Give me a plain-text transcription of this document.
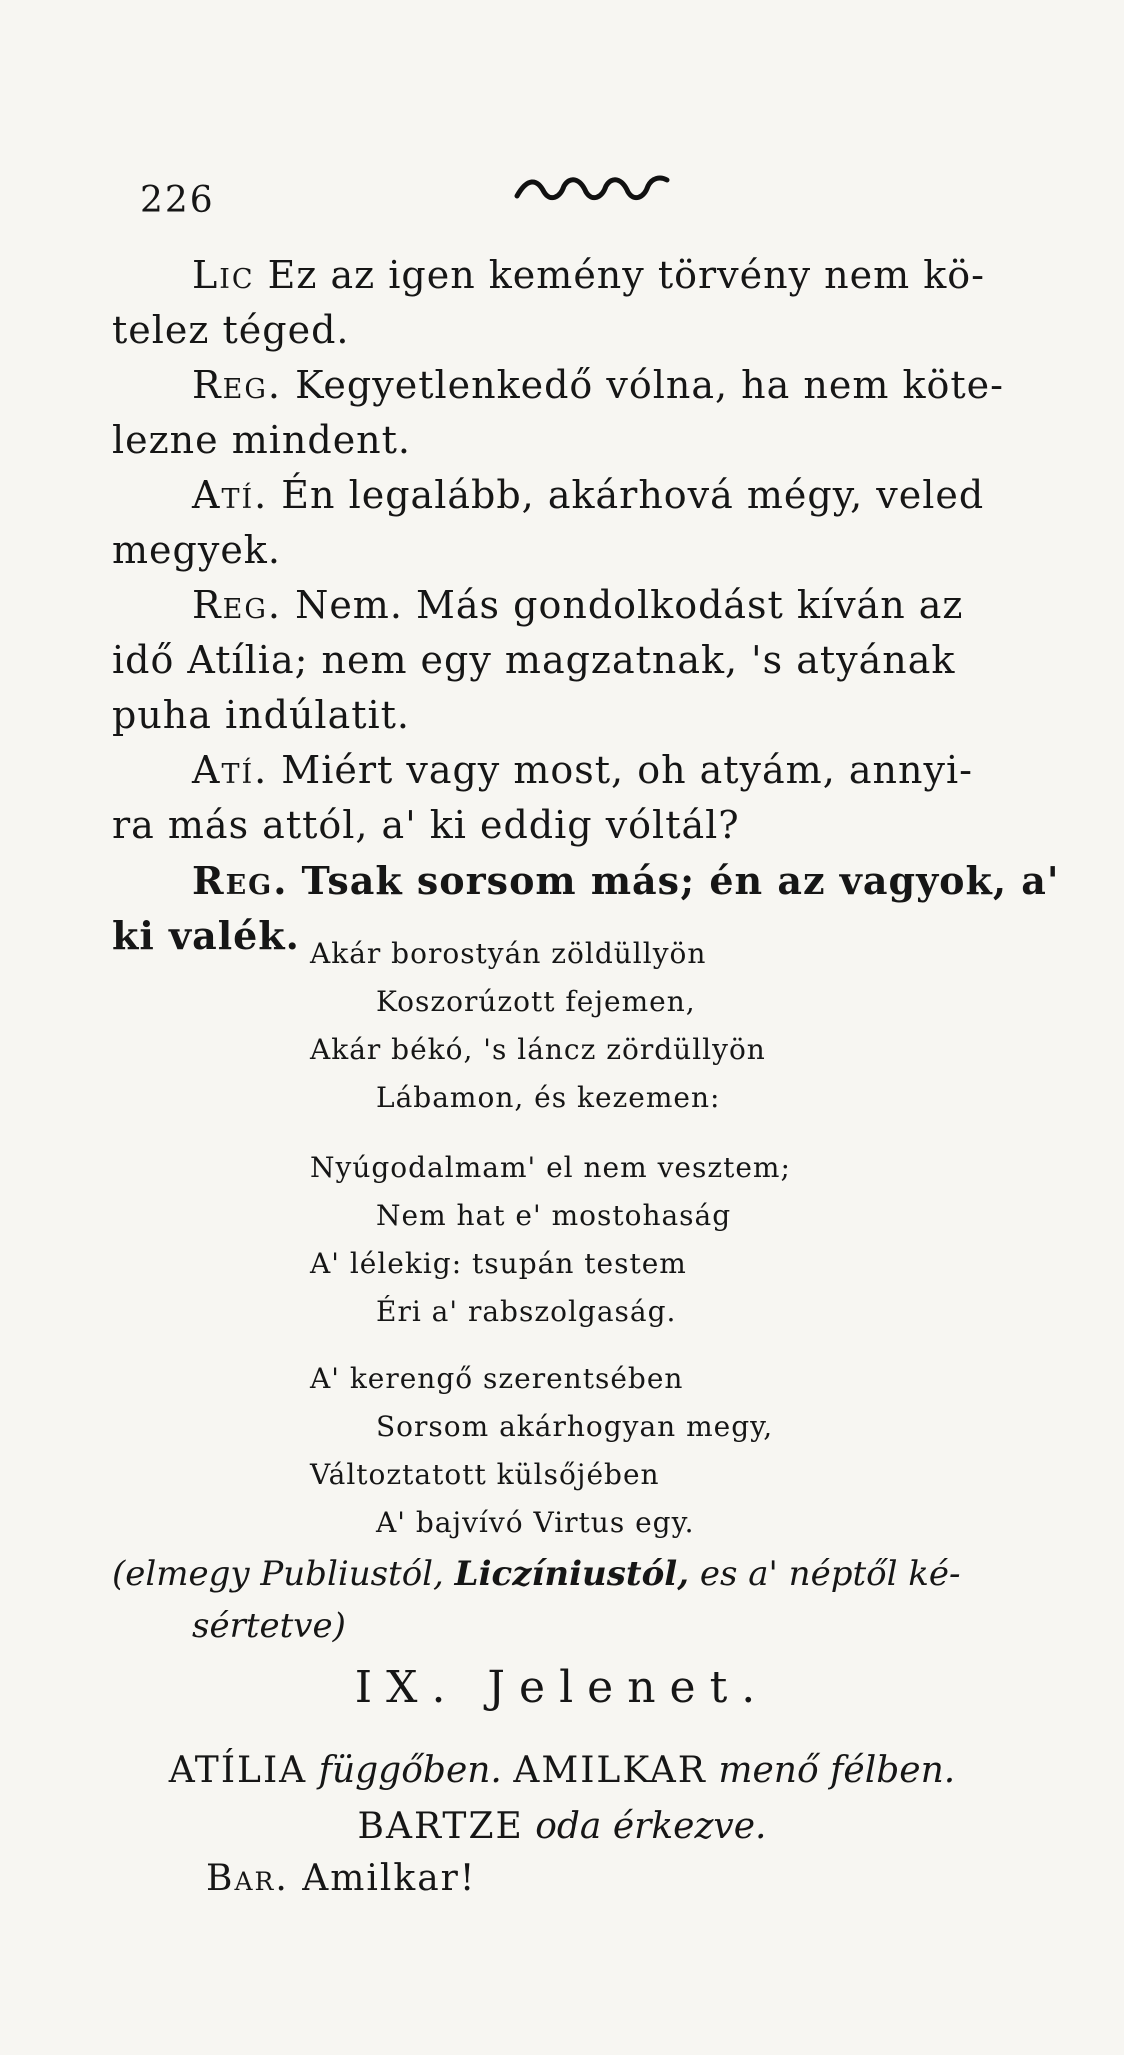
226
Lic Ez az igen kemény törvény nem kö-
telez téged.
Reg. Kegyetlenkedő vólna, ha nem köte-
lezne mindent.
Atí. Én legalább, akárhová mégy, veled
megyek.
Reg. Nem. Más gondolkodást kíván az
idő Atília; nem egy magzatnak, 's atyának
puha indúlatit.
Atí. Miért vagy most, oh atyám, annyi-
ra más attól, a' ki eddig vóltál?
Reg. Tsak sorsom más; én az vagyok, a'
ki valék. Akár borostyán zöldüllyön
Koszorúzott fejemen,
Akár békó, 's láncz zördüllyön
Lábamon, és kezemen:
Nyúgodalmam' el nem vesztem;
Nem hat e' mostohaság
A' lélekig: tsupán testem
Éri a' rabszolgaság.
A' kerengő szerentsében
Sorsom akárhogyan megy,
Változtatott külsőjében
A' bajvívó Virtus egy.
(elmegy Publiustól, Liczíniustól, es a' néptől ké-
sértetve)
IX. Jelenet.
ATÍLIA függőben. AMILKAR menő félben.
BARTZE oda érkezve.
Bar. Amilkar!
